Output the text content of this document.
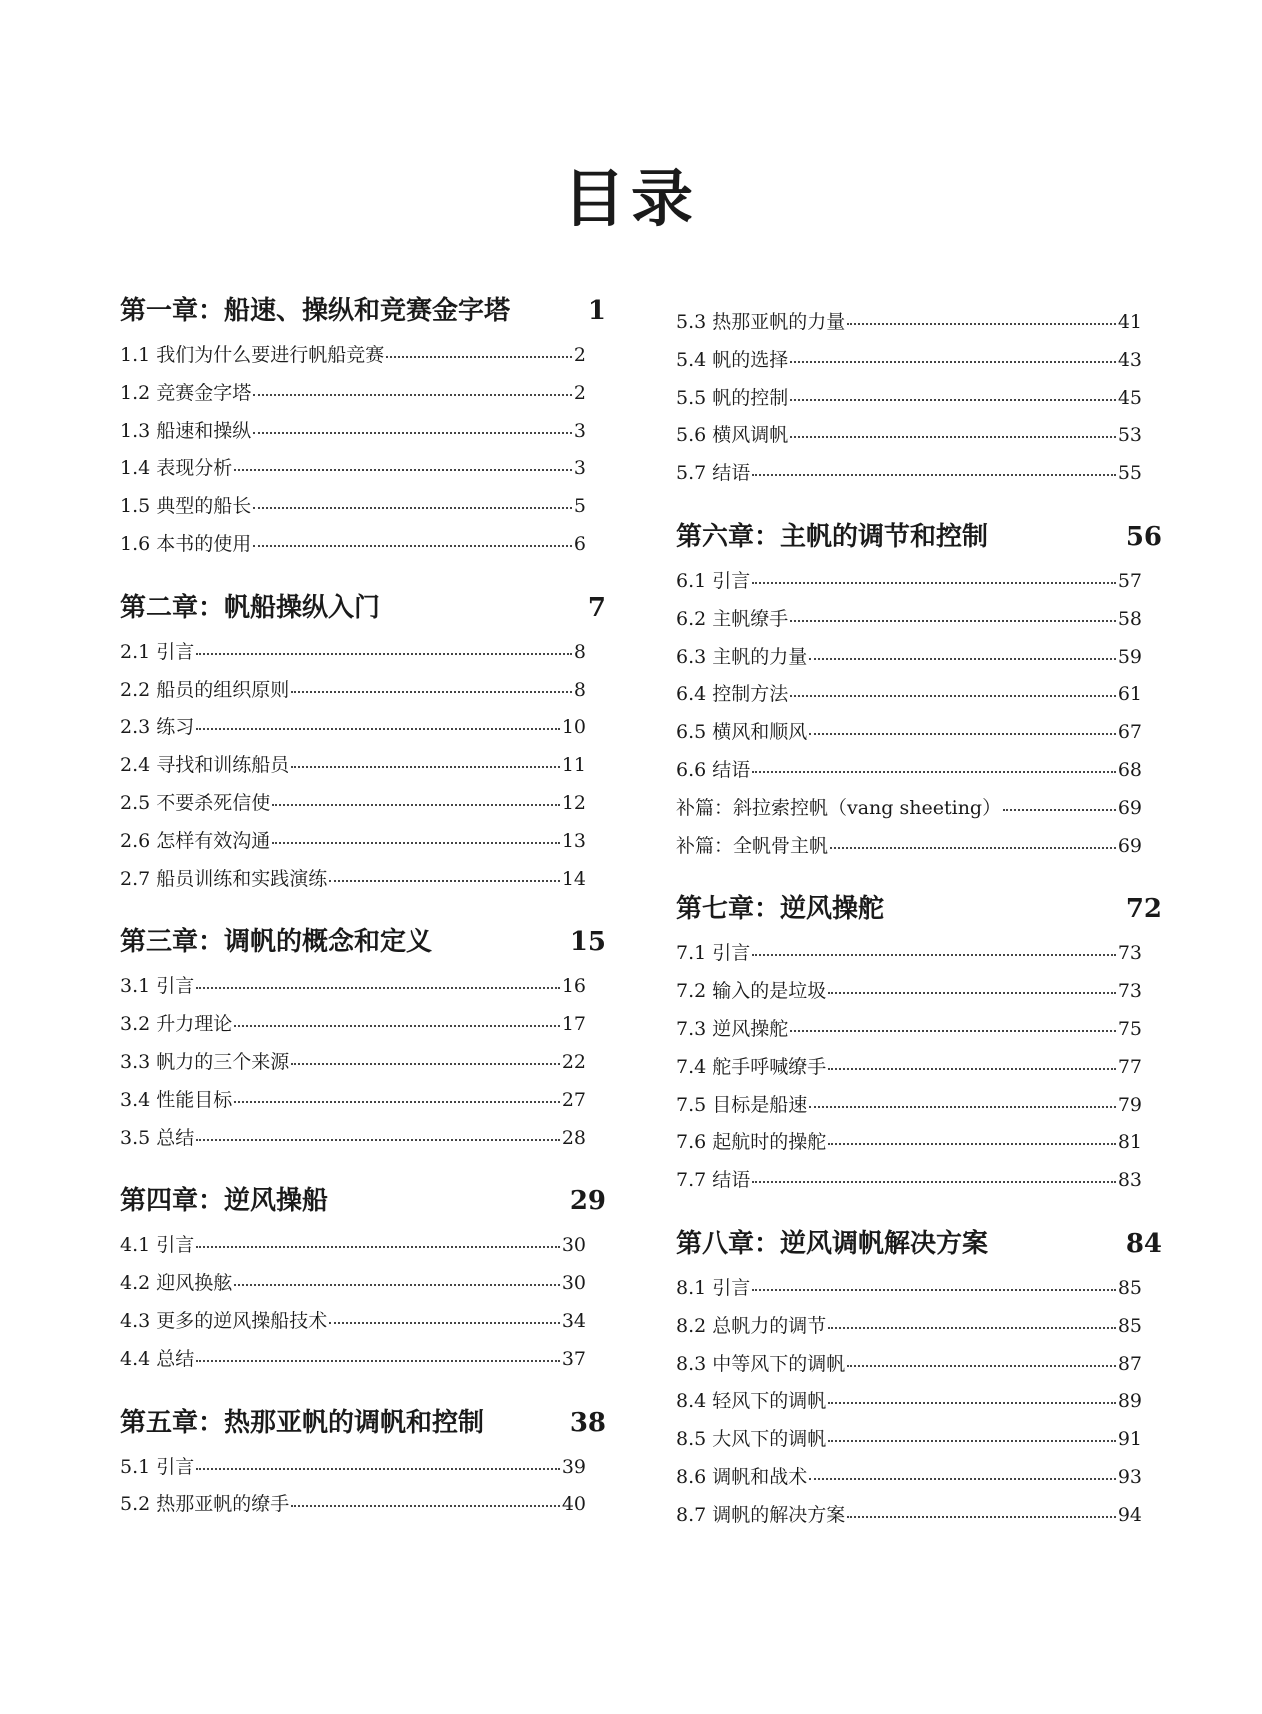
目录
第一章：船速、操纵和竞赛金字塔	1
1.1 我们为什么要进行帆船竞赛	2
1.2 竞赛金字塔	2
1.3 船速和操纵	3
1.4 表现分析	3
1.5 典型的船长	5
1.6 本书的使用	6
第二章：帆船操纵入门	7
2.1 引言	8
2.2 船员的组织原则	8
2.3 练习	10
2.4 寻找和训练船员	11
2.5 不要杀死信使	12
2.6 怎样有效沟通	13
2.7 船员训练和实践演练	14
第三章：调帆的概念和定义	15
3.1 引言	16
3.2 升力理论	17
3.3 帆力的三个来源	22
3.4 性能目标	27
3.5 总结	28
第四章：逆风操船	29
4.1 引言	30
4.2 迎风换舷	30
4.3 更多的逆风操船技术	34
4.4 总结	37
第五章：热那亚帆的调帆和控制	38
5.1 引言	39
5.2 热那亚帆的缭手	40
5.3 热那亚帆的力量	41
5.4 帆的选择	43
5.5 帆的控制	45
5.6 横风调帆	53
5.7 结语	55
第六章：主帆的调节和控制	56
6.1 引言	57
6.2 主帆缭手	58
6.3 主帆的力量	59
6.4 控制方法	61
6.5 横风和顺风	67
6.6 结语	68
补篇：斜拉索控帆（vang sheeting）	69
补篇：全帆骨主帆	69
第七章：逆风操舵	72
7.1 引言	73
7.2 输入的是垃圾	73
7.3 逆风操舵	75
7.4 舵手呼喊缭手	77
7.5 目标是船速	79
7.6 起航时的操舵	81
7.7 结语	83
第八章：逆风调帆解决方案	84
8.1 引言	85
8.2 总帆力的调节	85
8.3 中等风下的调帆	87
8.4 轻风下的调帆	89
8.5 大风下的调帆	91
8.6 调帆和战术	93
8.7 调帆的解决方案	94
